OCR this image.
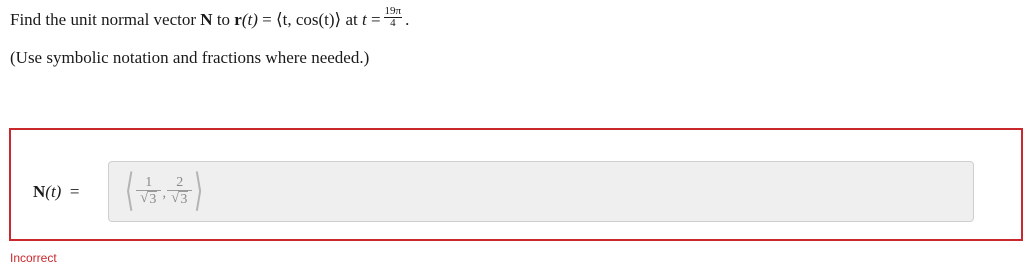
Find the unit normal vector
N
to
r (t)
=
⟨t, cos(t)⟩
at
t
= $\frac{19\pi}{4}$ .
(Use symbolic notation and fractions where needed.)
N(t) = ⟨ $\frac{1}{√ 3}$ , $\frac{2}{√ 3}$ ⟩
Incorrect
